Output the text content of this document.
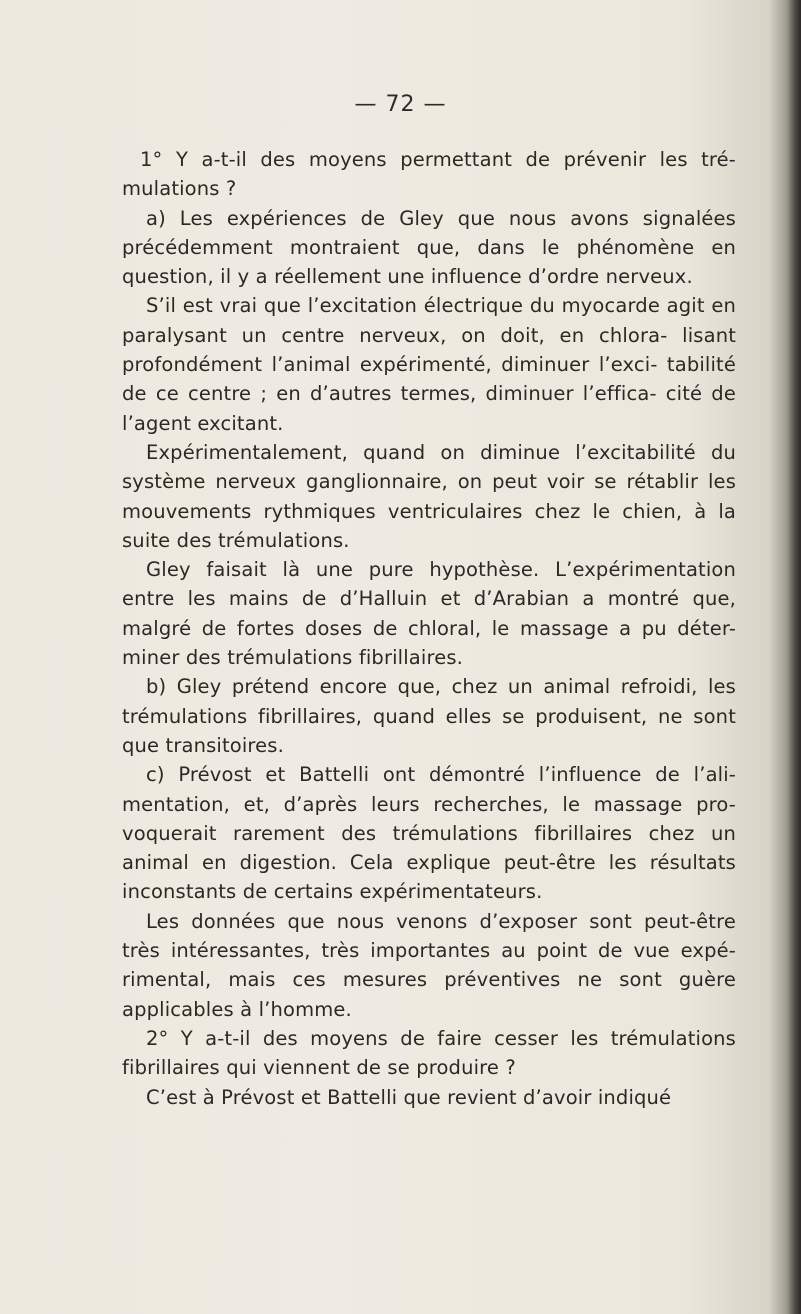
— 72 —

1° Y a-t-il des moyens permettant de prévenir les tré- mulations ?

a) Les expériences de Gley que nous avons signalées précédemment montraient que, dans le phénomène en question, il y a réellement une influence d’ordre nerveux.

S’il est vrai que l’excitation électrique du myocarde agit en paralysant un centre nerveux, on doit, en chlora- lisant profondément l’animal expérimenté, diminuer l’exci- tabilité de ce centre ; en d’autres termes, diminuer l’effica- cité de l’agent excitant.

Expérimentalement, quand on diminue l’excitabilité du système nerveux ganglionnaire, on peut voir se rétablir les mouvements rythmiques ventriculaires chez le chien, à la suite des trémulations.

Gley faisait là une pure hypothèse. L’expérimentation entre les mains de d’Halluin et d’Arabian a montré que, malgré de fortes doses de chloral, le massage a pu déter- miner des trémulations fibrillaires.

b) Gley prétend encore que, chez un animal refroidi, les trémulations fibrillaires, quand elles se produisent, ne sont que transitoires.

c) Prévost et Battelli ont démontré l’influence de l’ali- mentation, et, d’après leurs recherches, le massage pro- voquerait rarement des trémulations fibrillaires chez un animal en digestion. Cela explique peut-être les résultats inconstants de certains expérimentateurs.

Les données que nous venons d’exposer sont peut-être très intéressantes, très importantes au point de vue expé- rimental, mais ces mesures préventives ne sont guère applicables à l’homme.

2° Y a-t-il des moyens de faire cesser les trémulations fibrillaires qui viennent de se produire ?

C’est à Prévost et Battelli que revient d’avoir indiqué
